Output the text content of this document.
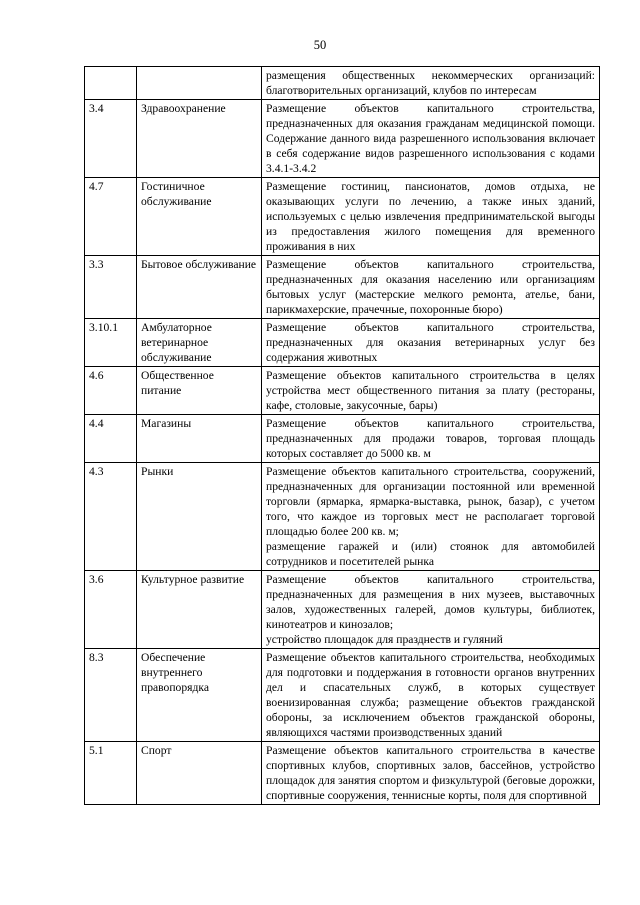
50

		размещения общественных некоммерческих организаций: благотворительных организаций, клубов по интересам

3.4	Здравоохранение	Размещение объектов капитального строительства, предназначенных для оказания гражданам медицинской помощи. Содержание данного вида разрешенного использования включает в себя содержание видов разрешенного использования с кодами 3.4.1-3.4.2

4.7	Гостиничное обслуживание	Размещение гостиниц, пансионатов, домов отдыха, не оказывающих услуги по лечению, а также иных зданий, используемых с целью извлечения предпринимательской выгоды из предоставления жилого помещения для временного проживания в них

3.3	Бытовое обслуживание	Размещение объектов капитального строительства, предназначенных для оказания населению или организациям бытовых услуг (мастерские мелкого ремонта, ателье, бани, парикмахерские, прачечные, похоронные бюро)

3.10.1	Амбулаторное ветеринарное обслуживание	Размещение объектов капитального строительства, предназначенных для оказания ветеринарных услуг без содержания животных

4.6	Общественное питание	Размещение объектов капитального строительства в целях устройства мест общественного питания за плату (рестораны, кафе, столовые, закусочные, бары)

4.4	Магазины	Размещение объектов капитального строительства, предназначенных для продажи товаров, торговая площадь которых составляет до 5000 кв. м

4.3	Рынки	Размещение объектов капитального строительства, сооружений, предназначенных для организации постоянной или временной торговли (ярмарка, ярмарка-выставка, рынок, базар), с учетом того, что каждое из торговых мест не располагает торговой площадью более 200 кв. м;
размещение гаражей и (или) стоянок для автомобилей сотрудников и посетителей рынка

3.6	Культурное развитие	Размещение объектов капитального строительства, предназначенных для размещения в них музеев, выставочных залов, художественных галерей, домов культуры, библиотек, кинотеатров и кинозалов;
устройство площадок для празднеств и гуляний

8.3	Обеспечение внутреннего правопорядка	Размещение объектов капитального строительства, необходимых для подготовки и поддержания в готовности органов внутренних дел и спасательных служб, в которых существует военизированная служба; размещение объектов гражданской обороны, за исключением объектов гражданской обороны, являющихся частями производственных зданий

5.1	Спорт	Размещение объектов капитального строительства в качестве спортивных клубов, спортивных залов, бассейнов, устройство площадок для занятия спортом и физкультурой (беговые дорожки, спортивные сооружения, теннисные корты, поля для спортивной
